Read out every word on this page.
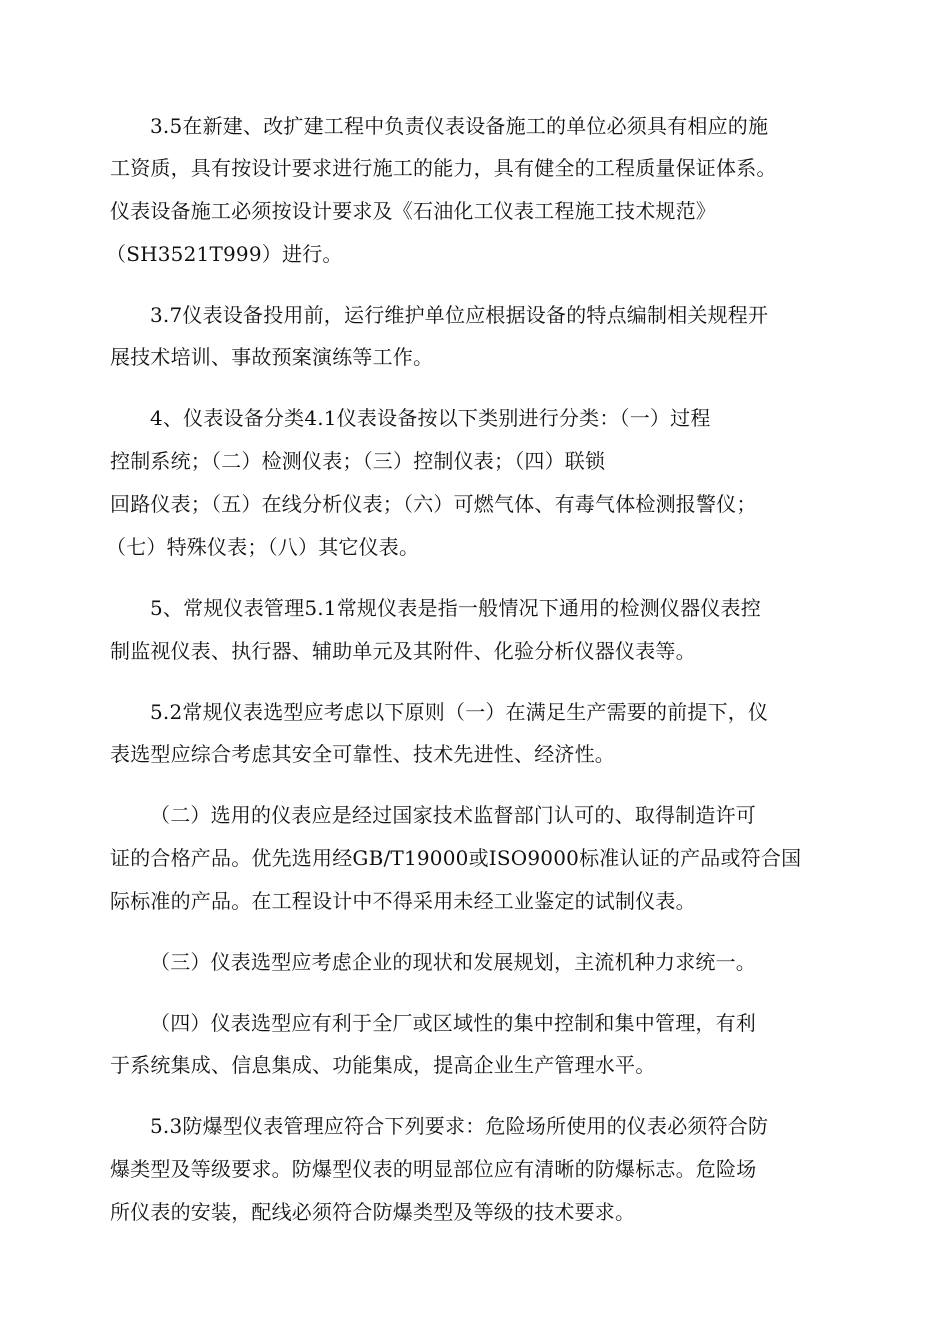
3.5在新建、改扩建工程中负责仪表设备施工的单位必须具有相应的施
工资质，具有按设计要求进行施工的能力，具有健全的工程质量保证体系。
仪表设备施工必须按设计要求及《石油化工仪表工程施工技术规范》
（SH3521T999）进行。
3.7仪表设备投用前，运行维护单位应根据设备的特点编制相关规程开
展技术培训、事故预案演练等工作。
4、仪表设备分类4.1仪表设备按以下类别进行分类：（一）过程
控制系统；（二）检测仪表；（三）控制仪表；（四）联锁
回路仪表；（五）在线分析仪表；（六）可燃气体、有毒气体检测报警仪；
（七）特殊仪表；（八）其它仪表。
5、常规仪表管理5.1常规仪表是指一般情况下通用的检测仪器仪表控
制监视仪表、执行器、辅助单元及其附件、化验分析仪器仪表等。
5.2常规仪表选型应考虑以下原则（一）在满足生产需要的前提下，仪
表选型应综合考虑其安全可靠性、技术先进性、经济性。
（二）选用的仪表应是经过国家技术监督部门认可的、取得制造许可
证的合格产品。优先选用经GB/T19000或ISO9000标准认证的产品或符合国
际标准的产品。在工程设计中不得采用未经工业鉴定的试制仪表。
（三）仪表选型应考虑企业的现状和发展规划，主流机种力求统一。
（四）仪表选型应有利于全厂或区域性的集中控制和集中管理，有利
于系统集成、信息集成、功能集成，提高企业生产管理水平。
5.3防爆型仪表管理应符合下列要求：危险场所使用的仪表必须符合防
爆类型及等级要求。防爆型仪表的明显部位应有清晰的防爆标志。危险场
所仪表的安装，配线必须符合防爆类型及等级的技术要求。
